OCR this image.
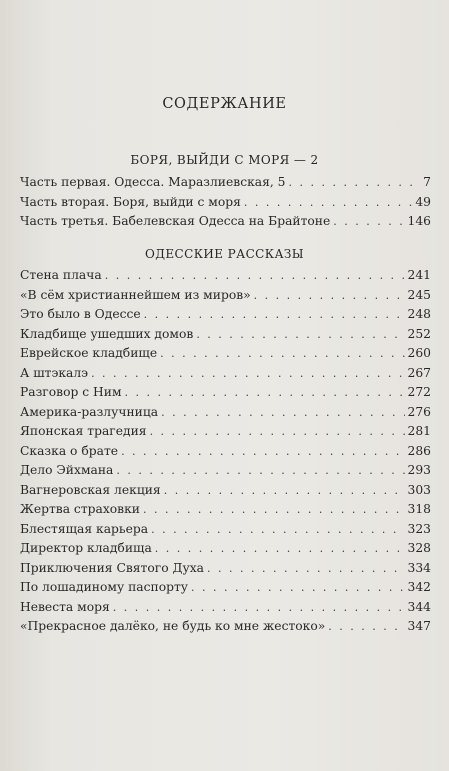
СОДЕРЖАНИЕ
БОРЯ, ВЫЙДИ С МОРЯ — 2
Часть первая. Одесса. Маразлиевская, 5 . . .	7
Часть вторая. Боря, выйди с моря . . .	49
Часть третья. Бабелевская Одесса на Брайтоне . . .	146
ОДЕССКИЕ РАССКАЗЫ
Стена плача . . .	241
«В сём христианнейшем из миров» . . .	245
Это было в Одессе . . .	248
Кладбище ушедших домов . . .	252
Еврейское кладбище . . .	260
А штэкалэ . . .	267
Разговор с Ним . . .	272
Америка-разлучница . . .	276
Японская трагедия . . .	281
Сказка о брате . . .	286
Дело Эйхмана . . .	293
Вагнеровская лекция . . .	303
Жертва страховки . . .	318
Блестящая карьера . . .	323
Директор кладбища . . .	328
Приключения Святого Духа . . .	334
По лошадиному паспорту . . .	342
Невеста моря . . .	344
«Прекрасное далёко, не будь ко мне жестоко» . . .	347
